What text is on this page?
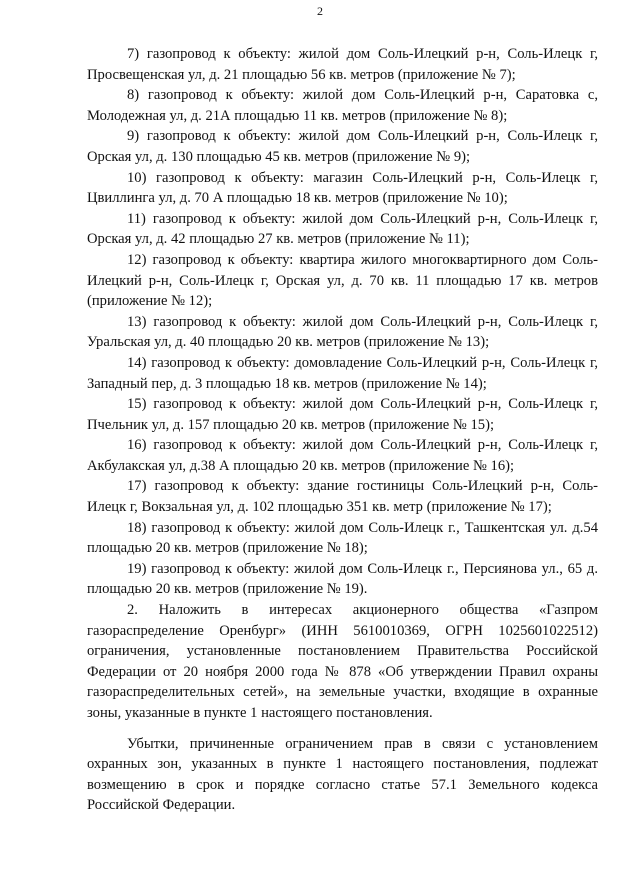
2

7) газопровод к объекту: жилой дом Соль-Илецкий р-н, Соль-Илецк г, Просвещенская ул, д. 21 площадью 56 кв. метров (приложение № 7);

8) газопровод к объекту: жилой дом Соль-Илецкий р-н, Саратовка с, Молодежная ул, д. 21А площадью 11 кв. метров (приложение № 8);

9) газопровод к объекту: жилой дом Соль-Илецкий р-н, Соль-Илецк г, Орская ул, д. 130 площадью 45 кв. метров (приложение № 9);

10) газопровод к объекту: магазин Соль-Илецкий р-н, Соль-Илецк г, Цвиллинга ул, д. 70 А площадью 18 кв. метров (приложение № 10);

11) газопровод к объекту: жилой дом Соль-Илецкий р-н, Соль-Илецк г, Орская ул, д. 42 площадью 27 кв. метров (приложение № 11);

12) газопровод к объекту: квартира жилого многоквартирного дом Соль-Илецкий р-н, Соль-Илецк г, Орская ул, д. 70 кв. 11 площадью 17 кв. метров (приложение № 12);

13) газопровод к объекту: жилой дом Соль-Илецкий р-н, Соль-Илецк г, Уральская ул, д. 40 площадью 20 кв. метров (приложение № 13);

14) газопровод к объекту: домовладение Соль-Илецкий р-н, Соль-Илецк г, Западный пер, д. 3 площадью 18 кв. метров (приложение № 14);

15) газопровод к объекту: жилой дом Соль-Илецкий р-н, Соль-Илецк г, Пчельник ул, д. 157 площадью 20 кв. метров (приложение № 15);

16) газопровод к объекту: жилой дом Соль-Илецкий р-н, Соль-Илецк г, Акбулакская ул, д.38 А площадью 20 кв. метров (приложение № 16);

17) газопровод к объекту: здание гостиницы Соль-Илецкий р-н, Соль-Илецк г, Вокзальная ул, д. 102 площадью 351 кв. метр (приложение № 17);

18) газопровод к объекту: жилой дом Соль-Илецк г., Ташкентская ул. д.54 площадью 20 кв. метров (приложение № 18);

19) газопровод к объекту: жилой дом Соль-Илецк г., Персиянова ул., 65 д. площадью 20 кв. метров (приложение № 19).

2. Наложить в интересах акционерного общества «Газпром газораспределение Оренбург» (ИНН 5610010369, ОГРН 1025601022512) ограничения, установленные постановлением Правительства Российской Федерации от 20 ноября 2000 года № 878 «Об утверждении Правил охраны газораспределительных сетей», на земельные участки, входящие в охранные зоны, указанные в пункте 1 настоящего постановления.

Убытки, причиненные ограничением прав в связи с установлением охранных зон, указанных в пункте 1 настоящего постановления, подлежат возмещению в срок и порядке согласно статье 57.1 Земельного кодекса Российской Федерации.
